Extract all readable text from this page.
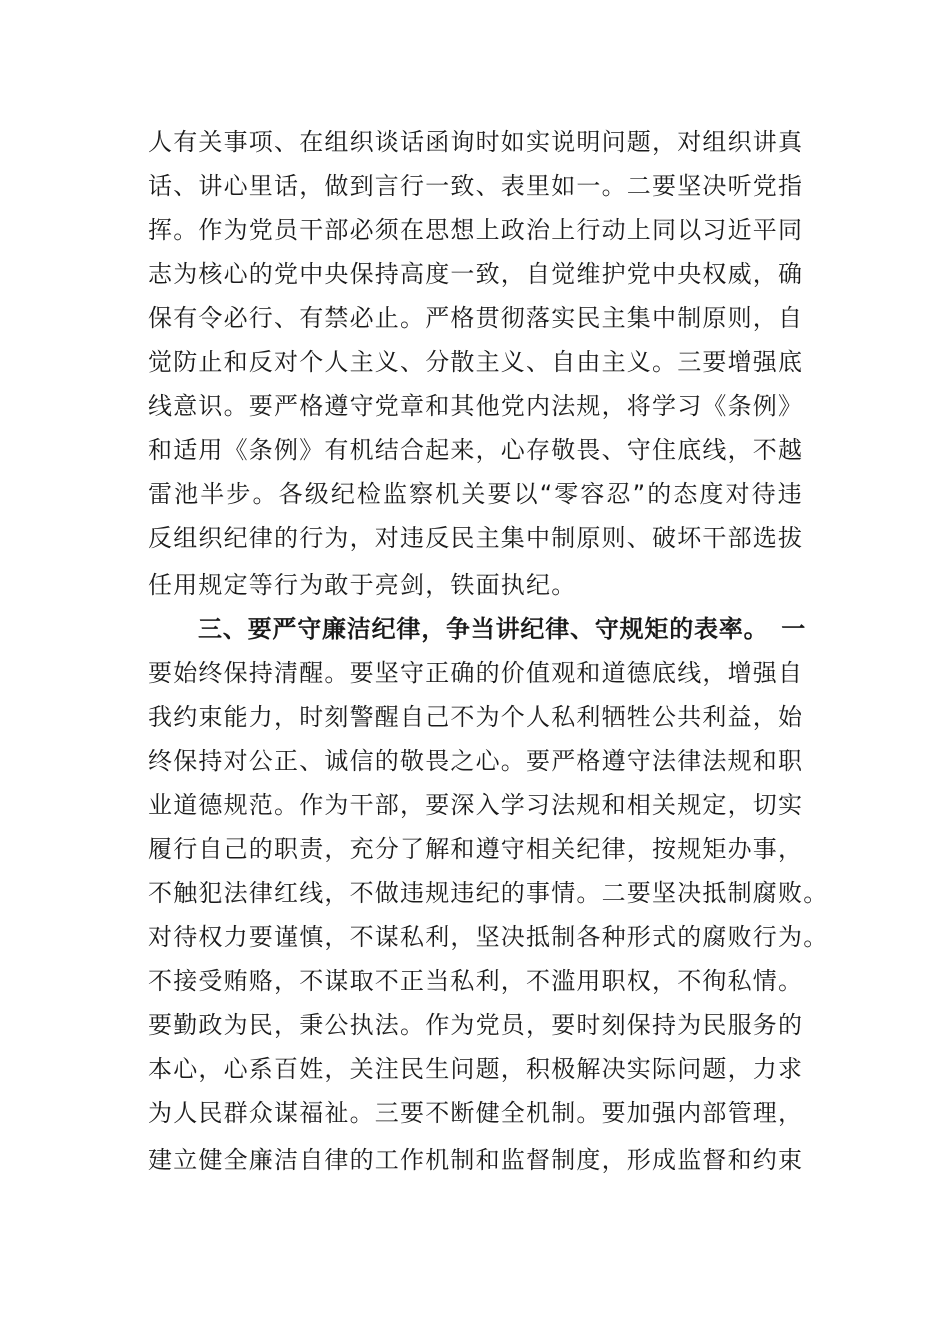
人有关事项、在组织谈话函询时如实说明问题，对组织讲真
话、讲心里话，做到言行一致、表里如一。二要坚决听党指
挥。作为党员干部必须在思想上政治上行动上同以习近平同
志为核心的党中央保持高度一致，自觉维护党中央权威，确
保有令必行、有禁必止。严格贯彻落实民主集中制原则，自
觉防止和反对个人主义、分散主义、自由主义。三要增强底
线意识。要严格遵守党章和其他党内法规，将学习《条例》
和适用《条例》有机结合起来，心存敬畏、守住底线，不越
雷池半步。各级纪检监察机关要以“零容忍”的态度对待违
反组织纪律的行为，对违反民主集中制原则、破坏干部选拔
任用规定等行为敢于亮剑，铁面执纪。
三、要严守廉洁纪律，争当讲纪律、守规矩的表率。　一
要始终保持清醒。要坚守正确的价值观和道德底线，增强自
我约束能力，时刻警醒自己不为个人私利牺牲公共利益，始
终保持对公正、诚信的敬畏之心。要严格遵守法律法规和职
业道德规范。作为干部，要深入学习法规和相关规定，切实
履行自己的职责，充分了解和遵守相关纪律，按规矩办事，
不触犯法律红线，不做违规违纪的事情。二要坚决抵制腐败。
对待权力要谨慎，不谋私利，坚决抵制各种形式的腐败行为。
不接受贿赂，不谋取不正当私利，不滥用职权，不徇私情。
要勤政为民，秉公执法。作为党员，要时刻保持为民服务的
本心，心系百姓，关注民生问题，积极解决实际问题，力求
为人民群众谋福祉。三要不断健全机制。要加强内部管理，
建立健全廉洁自律的工作机制和监督制度，形成监督和约束
